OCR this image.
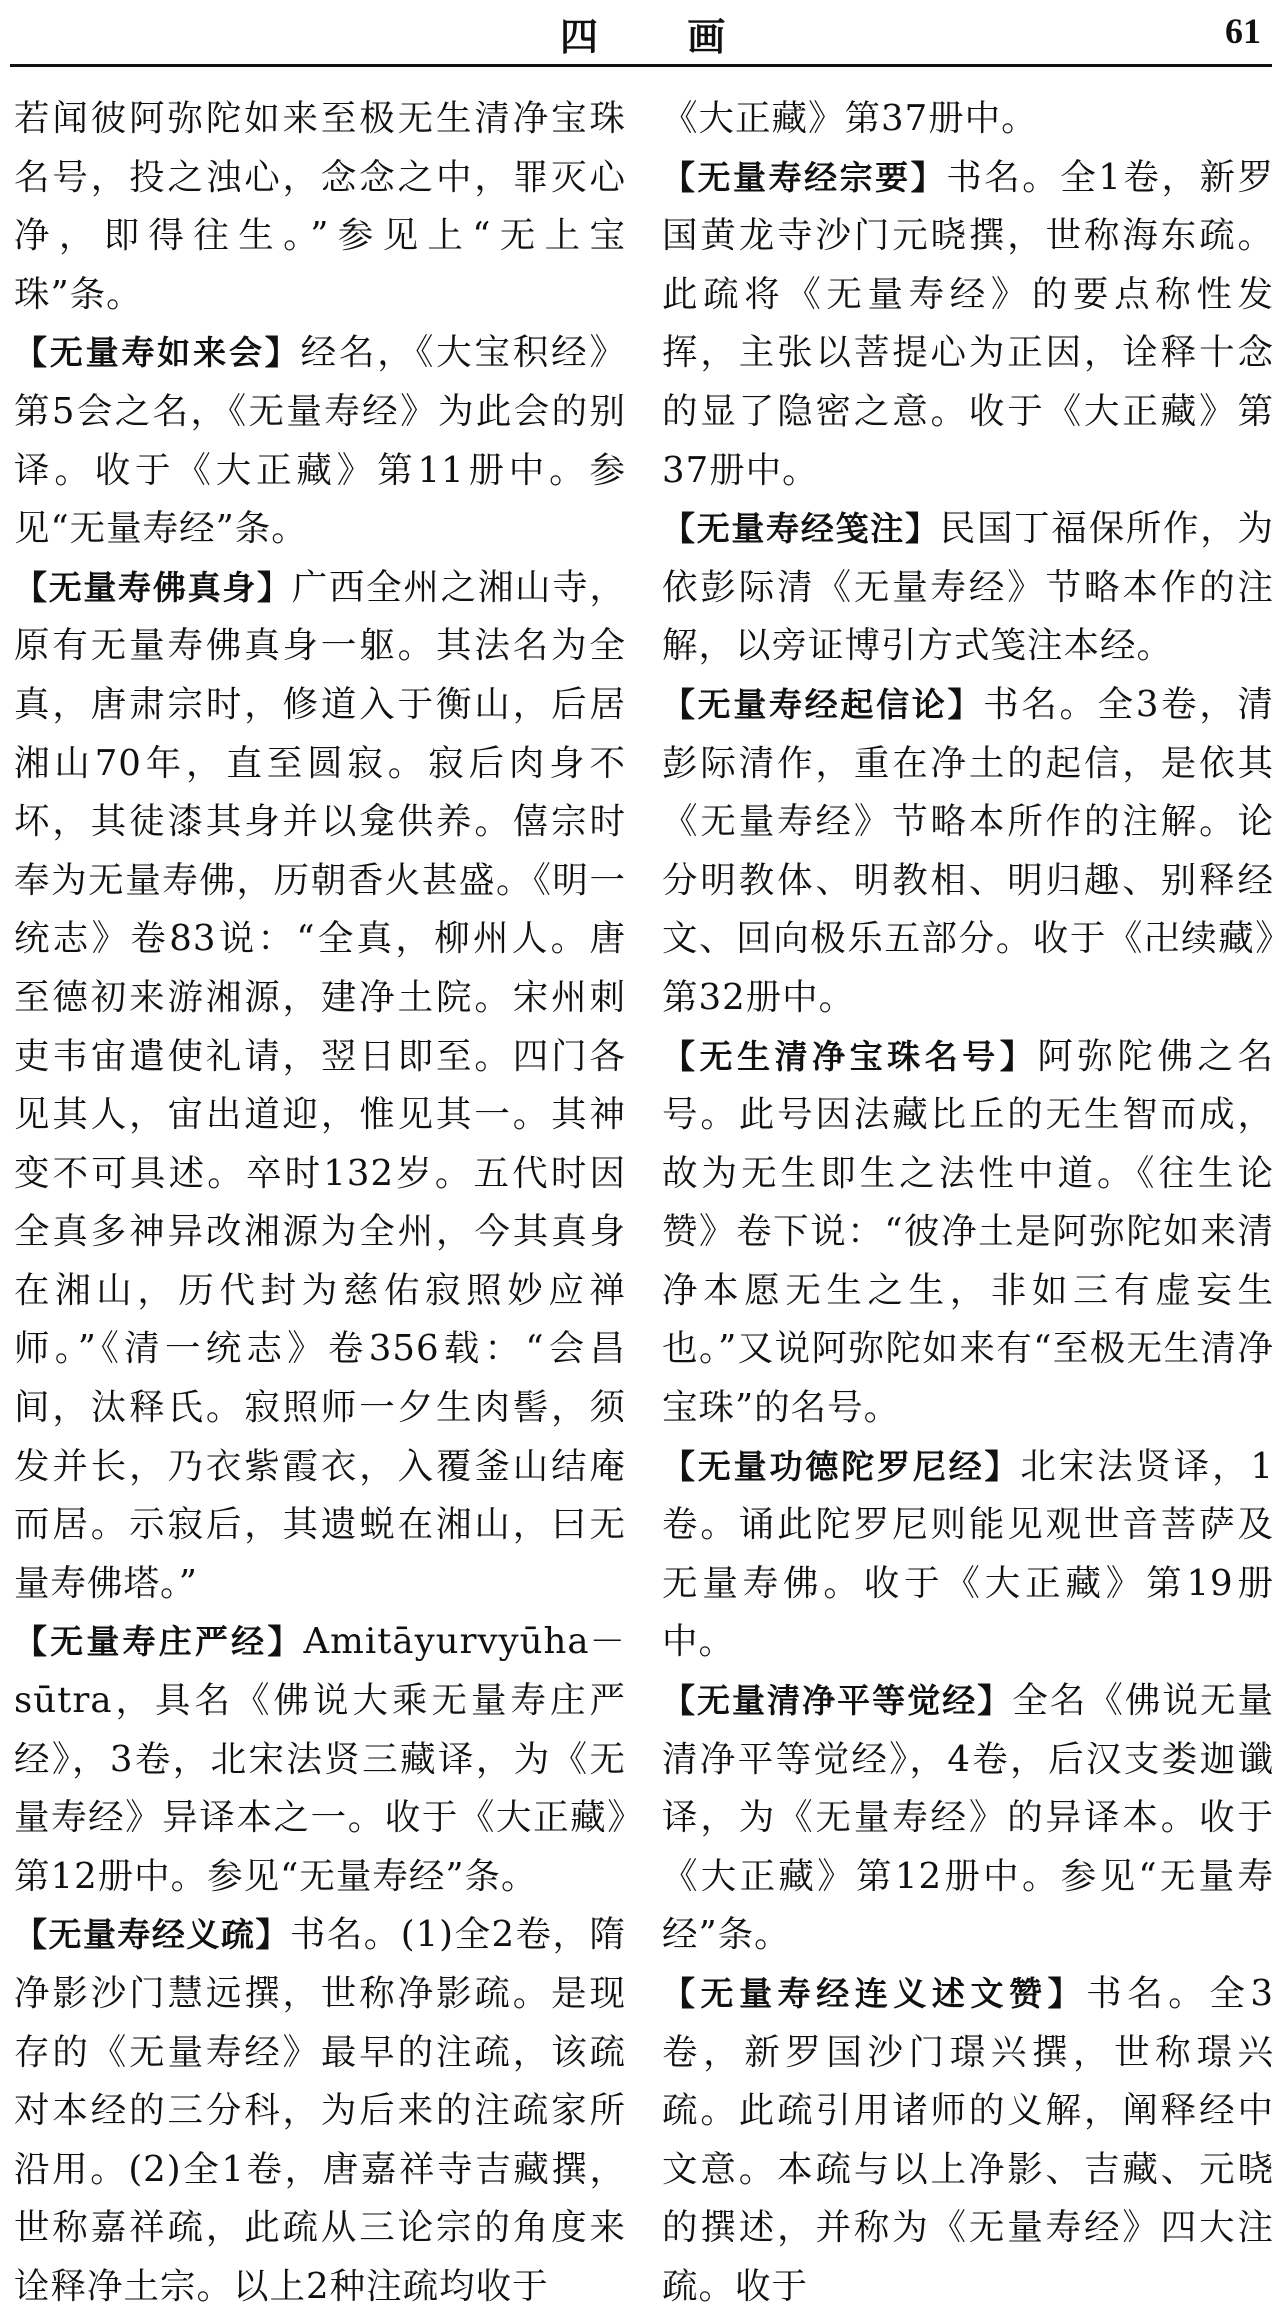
四 画	61

若闻彼阿弥陀如来至极无生清净宝珠名号，投之浊心，念念之中，罪灭心净，即得往生。”参见上“无上宝珠”条。

【无量寿如来会】经名，《大宝积经》第5会之名，《无量寿经》为此会的别译。收于《大正藏》第11册中。参见“无量寿经”条。

【无量寿佛真身】广西全州之湘山寺，原有无量寿佛真身一躯。其法名为全真，唐肃宗时，修道入于衡山，后居湘山70年，直至圆寂。寂后肉身不坏，其徒漆其身并以龛供养。僖宗时奉为无量寿佛，历朝香火甚盛。《明一统志》卷83说：“全真，柳州人。唐至德初来游湘源，建净土院。宋州刺吏韦宙遣使礼请，翌日即至。四门各见其人，宙出道迎，惟见其一。其神变不可具述。卒时132岁。五代时因全真多神异改湘源为全州，今其真身在湘山，历代封为慈佑寂照妙应禅师。”《清一统志》卷356载：“会昌间，汰释氏。寂照师一夕生肉髻，须发并长，乃衣紫霞衣，入覆釜山结庵而居。示寂后，其遗蜕在湘山，曰无量寿佛塔。”

【无量寿庄严经】Amitāyurvyūha－sūtra，具名《佛说大乘无量寿庄严经》，3卷，北宋法贤三藏译，为《无量寿经》异译本之一。收于《大正藏》第12册中。参见“无量寿经”条。

【无量寿经义疏】书名。(1)全2卷，隋净影沙门慧远撰，世称净影疏。是现存的《无量寿经》最早的注疏，该疏对本经的三分科，为后来的注疏家所沿用。(2)全1卷，唐嘉祥寺吉藏撰，世称嘉祥疏，此疏从三论宗的角度来诠释净土宗。以上2种注疏均收于

《大正藏》第37册中。

【无量寿经宗要】书名。全1卷，新罗国黄龙寺沙门元晓撰，世称海东疏。此疏将《无量寿经》的要点称性发挥，主张以菩提心为正因，诠释十念的显了隐密之意。收于《大正藏》第37册中。

【无量寿经笺注】民国丁福保所作，为依彭际清《无量寿经》节略本作的注解，以旁证博引方式笺注本经。

【无量寿经起信论】书名。全3卷，清彭际清作，重在净土的起信，是依其《无量寿经》节略本所作的注解。论分明教体、明教相、明归趣、别释经文、回向极乐五部分。收于《卍续藏》第32册中。

【无生清净宝珠名号】阿弥陀佛之名号。此号因法藏比丘的无生智而成，故为无生即生之法性中道。《往生论赞》卷下说：“彼净土是阿弥陀如来清净本愿无生之生，非如三有虚妄生也。”又说阿弥陀如来有“至极无生清净宝珠”的名号。

【无量功德陀罗尼经】北宋法贤译，1卷。诵此陀罗尼则能见观世音菩萨及无量寿佛。收于《大正藏》第19册中。

【无量清净平等觉经】全名《佛说无量清净平等觉经》，4卷，后汉支娄迦谶译，为《无量寿经》的异译本。收于《大正藏》第12册中。参见“无量寿经”条。

【无量寿经连义述文赞】书名。全3卷，新罗国沙门璟兴撰，世称璟兴疏。此疏引用诸师的义解，阐释经中文意。本疏与以上净影、吉藏、元晓的撰述，并称为《无量寿经》四大注疏。收于
